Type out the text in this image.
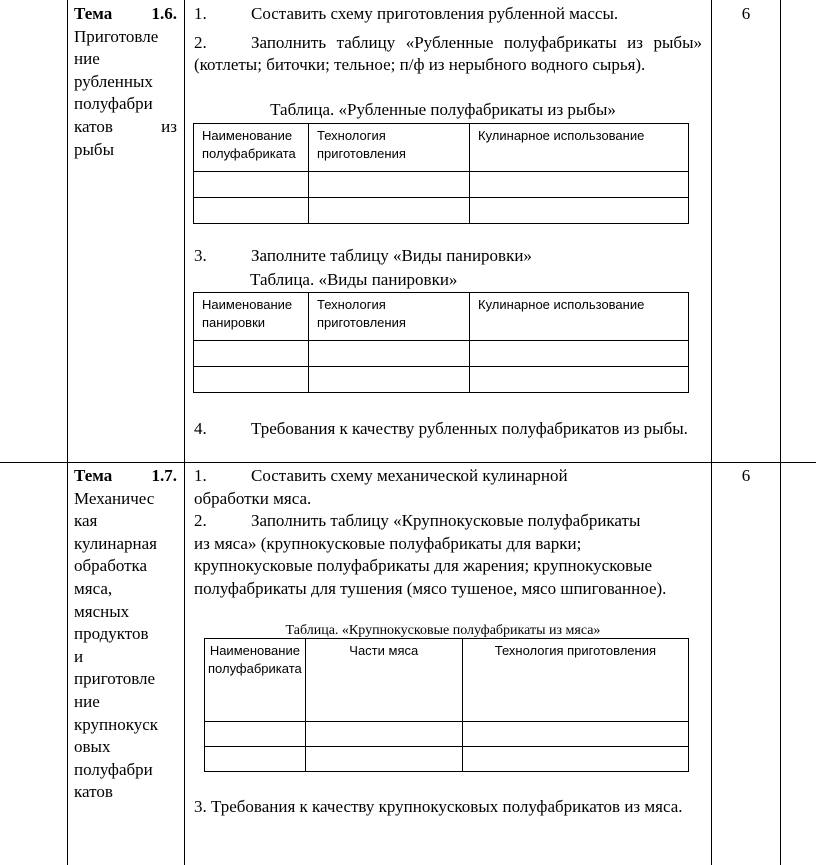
Тема 1.6.
Приготовле
ние
рубленных
полуфабри
катов	из
рыбы
6
1.	Составить схему приготовления рубленной массы.
2.	Заполнить таблицу «Рубленные полуфабрикаты из рыбы» (котлеты; биточки; тельное; п/ф из нерыбного водного сырья).
Таблица. «Рубленные полуфабрикаты из рыбы»
Наименование полуфабриката	Технология приготовления	Кулинарное использование

3.	Заполните таблицу «Виды панировки»
Таблица. «Виды панировки»
Наименование панировки	Технология приготовления	Кулинарное использование

4.	Требования к качеству рубленных полуфабрикатов из рыбы.
Тема 1.7.
Механичес
кая
кулинарная
обработка
мяса,
мясных
продуктов
и
приготовле
ние
крупнокуск
овых
полуфабри
катов
6
1.	Составить схему механической кулинарной
обработки мяса.
2.	Заполнить таблицу «Крупнокусковые полуфабрикаты
из мяса» (крупнокусковые полуфабрикаты для варки; крупнокусковые полуфабрикаты для жарения; крупнокусковые полуфабрикаты для тушения (мясо тушеное, мясо шпигованное).
Таблица. «Крупнокусковые полуфабрикаты из мяса»
Наименование полуфабриката	Части мяса	Технология приготовления

3. Требования к качеству крупнокусковых полуфабрикатов из мяса.
